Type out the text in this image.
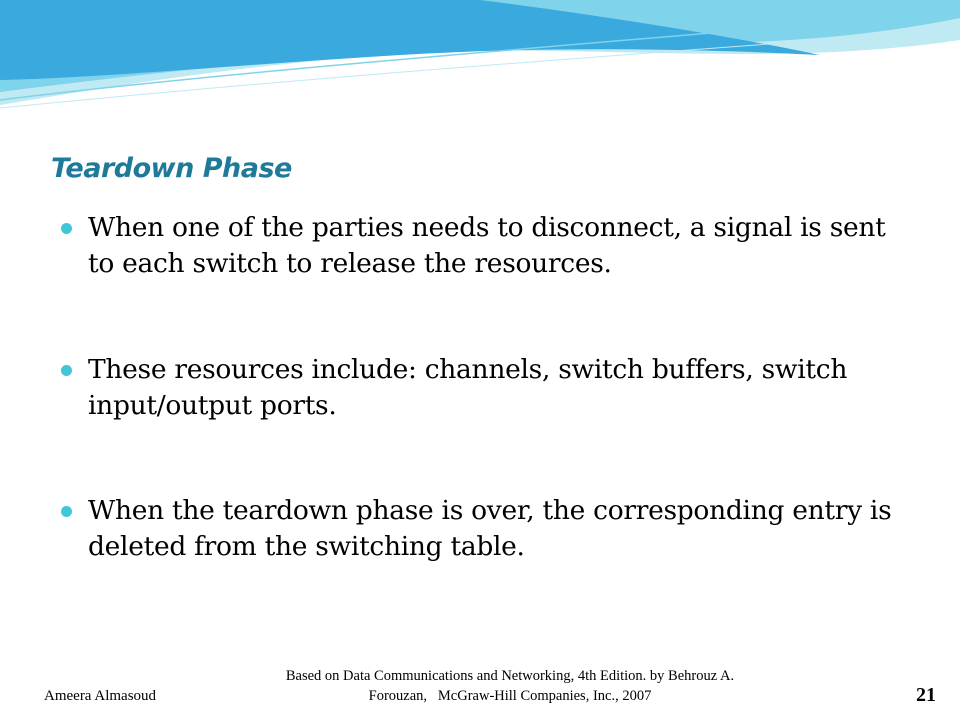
Teardown Phase
When one of the parties needs to disconnect, a signal is sent to each switch to release the resources.
These resources include: channels, switch buffers, switch input/output ports.
When the teardown phase is over, the corresponding entry is deleted from the switching table.
Ameera Almasoud
Based on Data Communications and Networking, 4th Edition. by Behrouz A.
Forouzan,   McGraw-Hill Companies, Inc., 2007	21
